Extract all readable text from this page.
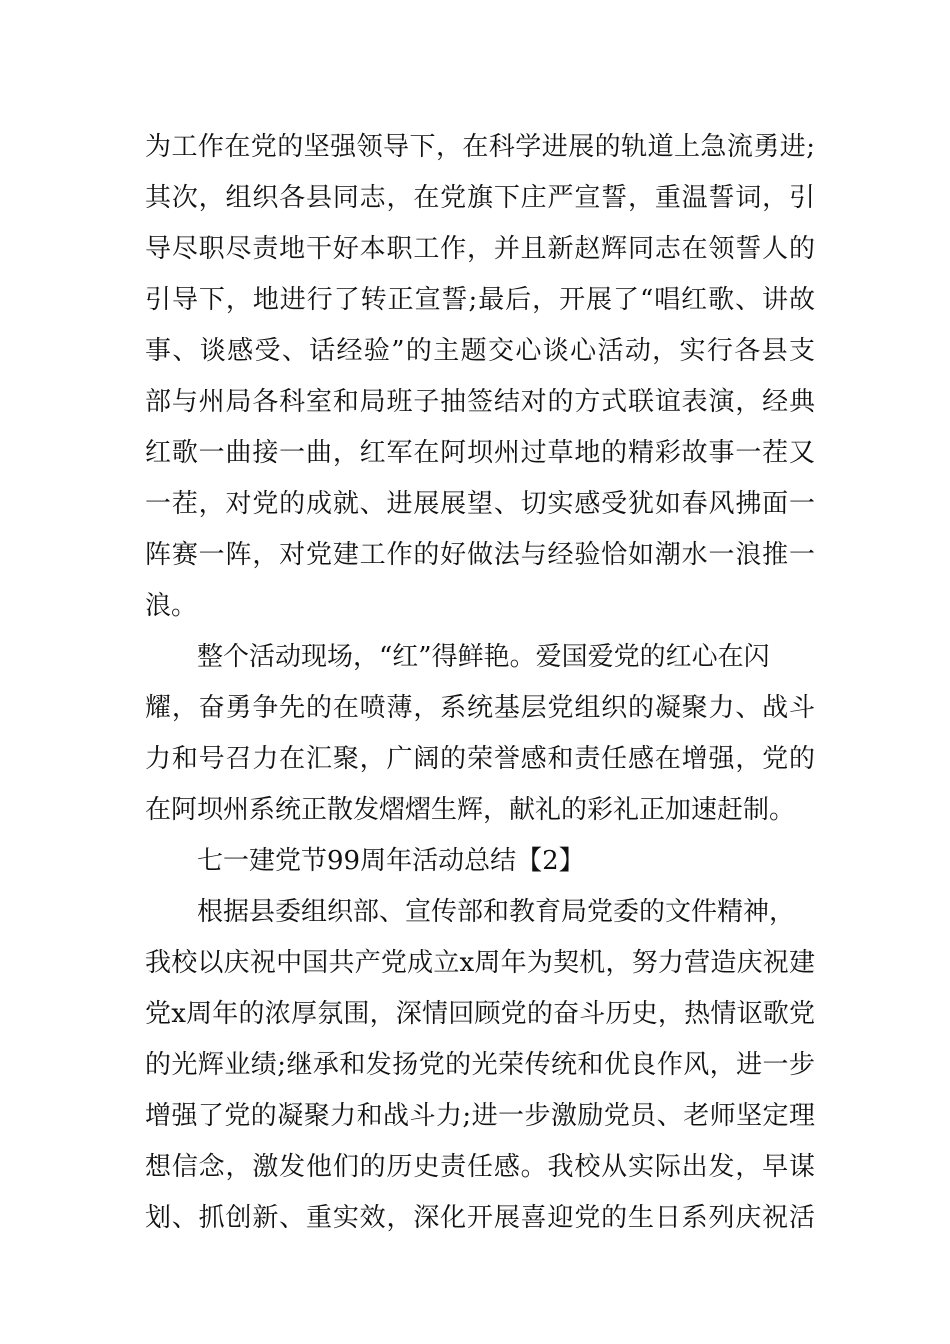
为工作在党的坚强领导下，在科学进展的轨道上急流勇进;
其次，组织各县同志，在党旗下庄严宣誓，重温誓词，引
导尽职尽责地干好本职工作，并且新赵辉同志在领誓人的
引导下，地进行了转正宣誓;最后，开展了“唱红歌、讲故
事、谈感受、话经验”的主题交心谈心活动，实行各县支
部与州局各科室和局班子抽签结对的方式联谊表演，经典
红歌一曲接一曲，红军在阿坝州过草地的精彩故事一茬又
一茬，对党的成就、进展展望、切实感受犹如春风拂面一
阵赛一阵，对党建工作的好做法与经验恰如潮水一浪推一
浪。
整个活动现场，“红”得鲜艳。爱国爱党的红心在闪
耀，奋勇争先的在喷薄，系统基层党组织的凝聚力、战斗
力和号召力在汇聚，广阔的荣誉感和责任感在增强，党的
在阿坝州系统正散发熠熠生辉，献礼的彩礼正加速赶制。
七一建党节99周年活动总结【2】
根据县委组织部、宣传部和教育局党委的文件精神，
我校以庆祝中国共产党成立x周年为契机，努力营造庆祝建
党x周年的浓厚氛围，深情回顾党的奋斗历史，热情讴歌党
的光辉业绩;继承和发扬党的光荣传统和优良作风，进一步
增强了党的凝聚力和战斗力;进一步激励党员、老师坚定理
想信念，激发他们的历史责任感。我校从实际出发，早谋
划、抓创新、重实效，深化开展喜迎党的生日系列庆祝活
